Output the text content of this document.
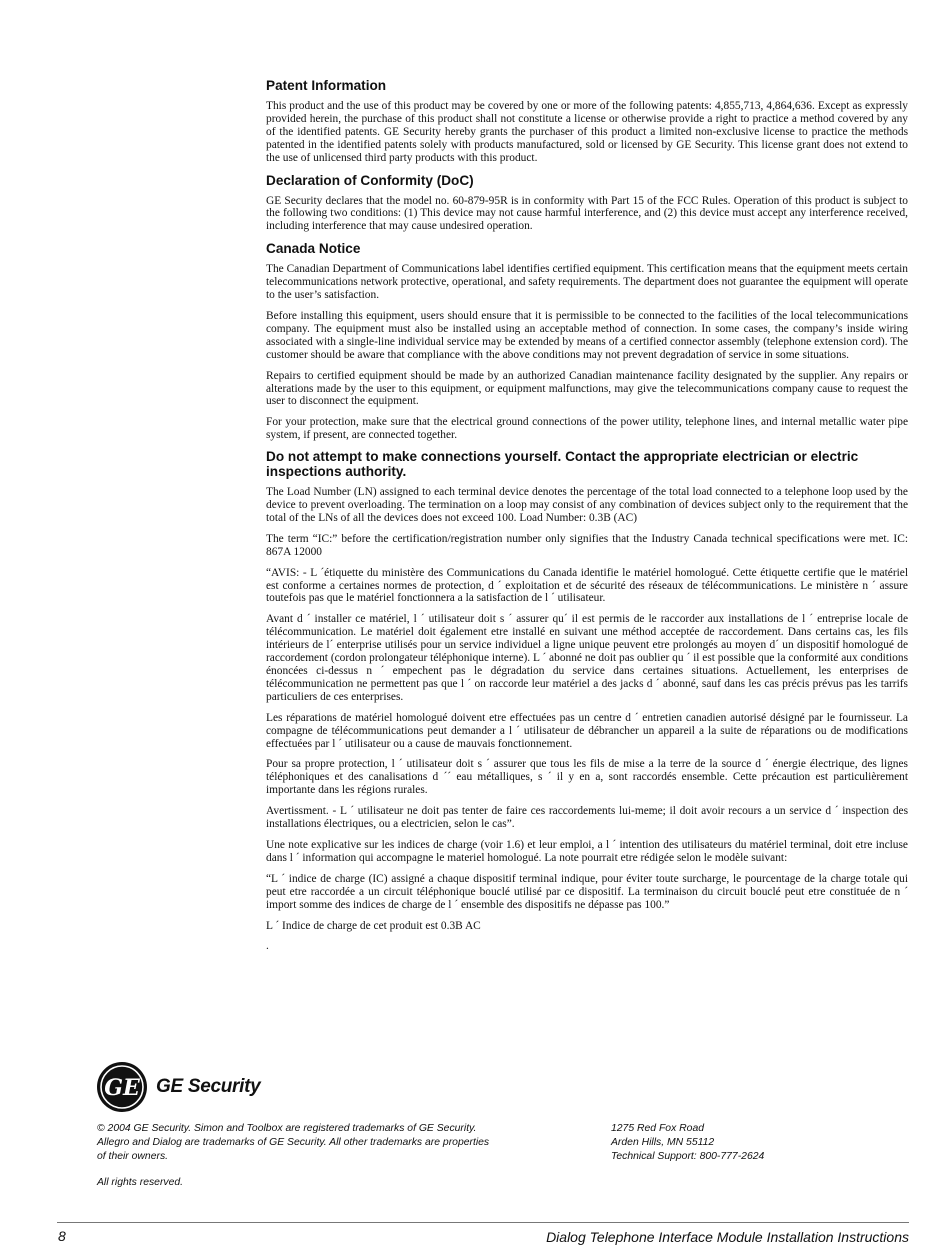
Patent Information

This product and the use of this product may be covered by one or more of the following patents: 4,855,713, 4,864,636. Except as expressly provided herein, the purchase of this product shall not constitute a license or otherwise provide a right to practice a method covered by any of the identified patents. GE Security hereby grants the purchaser of this product a limited non-exclusive license to practice the methods patented in the identified patents solely with products manufactured, sold or licensed by GE Security. This license grant does not extend to the use of unlicensed third party products with this product.

Declaration of Conformity (DoC)

GE Security declares that the model no. 60-879-95R is in conformity with Part 15 of the FCC Rules. Operation of this product is subject to the following two conditions: (1) This device may not cause harmful interference, and (2) this device must accept any interference received, including interference that may cause undesired operation.

Canada Notice

The Canadian Department of Communications label identifies certified equipment. This certification means that the equipment meets certain telecommunications network protective, operational, and safety requirements. The department does not guarantee the equipment will operate to the user’s satisfaction.

Before installing this equipment, users should ensure that it is permissible to be connected to the facilities of the local telecommunications company. The equipment must also be installed using an acceptable method of connection. In some cases, the company’s inside wiring associated with a single-line individual service may be extended by means of a certified connector assembly (telephone extension cord). The customer should be aware that compliance with the above conditions may not prevent degradation of service in some situations.

Repairs to certified equipment should be made by an authorized Canadian maintenance facility designated by the supplier. Any repairs or alterations made by the user to this equipment, or equipment malfunctions, may give the telecommunications company cause to request the user to disconnect the equipment.

For your protection, make sure that the electrical ground connections of the power utility, telephone lines, and internal metallic water pipe system, if present, are connected together.

Do not attempt to make connections yourself. Contact the appropriate electrician or electric inspections authority.

The Load Number (LN) assigned to each terminal device denotes the percentage of the total load connected to a telephone loop used by the device to prevent overloading. The termination on a loop may consist of any combination of devices subject only to the requirement that the total of the LNs of all the devices does not exceed 100. Load Number: 0.3B (AC)

The term “IC:” before the certification/registration number only signifies that the Industry Canada technical specifications were met. IC: 867A 12000

“AVIS: - L ´étiquette du ministère des Communications du Canada identifie le matériel homologué. Cette étiquette certifie que le matériel est conforme a certaines normes de protection, d ´ exploitation et de sécurité des réseaux de télécommunications. Le ministère n ´ assure toutefois pas que le matériel fonctionnera a la satisfaction de l ´ utilisateur.

Avant d ´ installer ce matériel, l ´ utilisateur doit s ´ assurer qu´ il est permis de le raccorder aux installations de l ´ entreprise locale de télécommunication. Le matériel doit également etre installé en suivant une méthod acceptée de raccordement. Dans certains cas, les fils intérieurs de l´ enterprise utilisés pour un service individuel a ligne unique peuvent etre prolongés au moyen d´ un dispositif homologué de raccordement (cordon prolongateur téléphonique interne). L ´ abonné ne doit pas oublier qu ´ il est possible que la conformité aux conditions énoncées ci-dessus n ´ empechent pas le dégradation du service dans certaines situations. Actuellement, les enterprises de télécommunication ne permettent pas que l ´ on raccorde leur matériel a des jacks d ´ abonné, sauf dans les cas précis prévus pas les tarrifs particuliers de ces enterprises.

Les réparations de matériel homologué doivent etre effectuées pas un centre d ´ entretien canadien autorisé désigné par le fournisseur. La compagne de télécommunications peut demander a l ´ utilisateur de débrancher un appareil a la suite de réparations ou de modifications effectuées par l ´ utilisateur ou a cause de mauvais fonctionnement.

Pour sa propre protection, l ´ utilisateur doit s ´ assurer que tous les fils de mise a la terre de la source d ´ énergie électrique, des lignes téléphoniques et des canalisations d ´´ eau métalliques, s ´ il y en a, sont raccordés ensemble. Cette précaution est particulièrement importante dans les régions rurales.

Avertissment. - L ´ utilisateur ne doit pas tenter de faire ces raccordements lui-meme; il doit avoir recours a un service d ´ inspection des installations électriques, ou a electricien, selon le cas”.

Une note explicative sur les indices de charge (voir 1.6) et leur emploi, a l ´ intention des utilisateurs du matériel terminal, doit etre incluse dans l ´ information qui accompagne le materiel homologué. La note pourrait etre rédigée selon le modèle suivant:

“L ´ indice de charge (IC) assigné a chaque dispositif terminal indique, pour éviter toute surcharge, le pourcentage de la charge totale qui peut etre raccordée a un circuit téléphonique bouclé utilisé par ce dispositif. La terminaison du circuit bouclé peut etre constituée de n ´ import somme des indices de charge de l ´ ensemble des dispositifs ne dépasse pas 100.”

L ´ Indice de charge de cet produit est 0.3B AC

.

GE GE Security
© 2004 GE Security. Simon and Toolbox are registered trademarks of GE Security.
Allegro and Dialog are trademarks of GE Security. All other trademarks are properties
of their owners.
All rights reserved.
1275 Red Fox Road
Arden Hills, MN 55112
Technical Support: 800-777-2624
8	Dialog Telephone Interface Module Installation Instructions
